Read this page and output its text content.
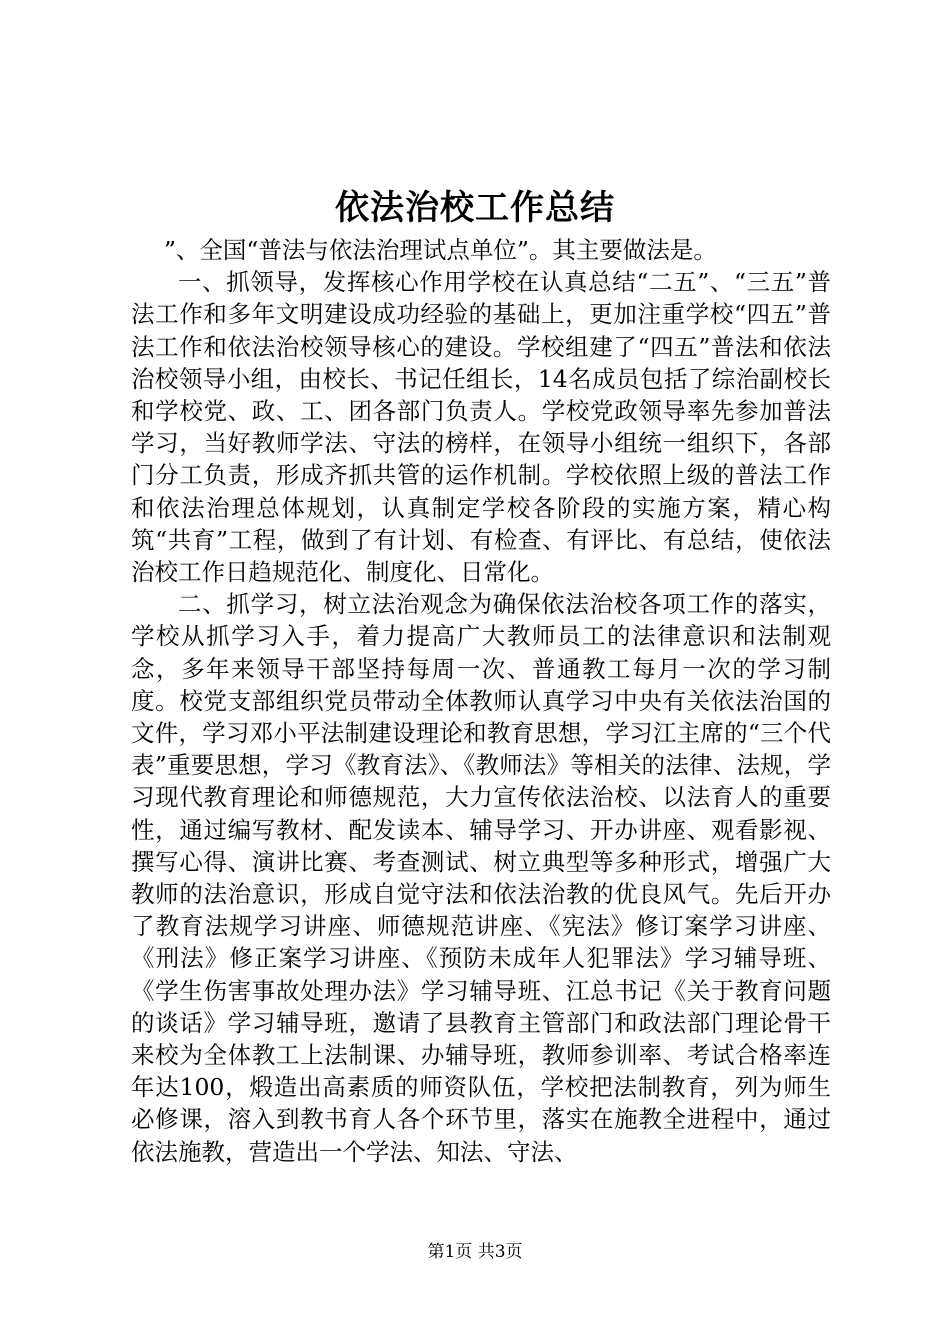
依法治校工作总结

”、全国“普法与依法治理试点单位”。其主要做法是。

一、抓领导，发挥核心作用学校在认真总结“二五”、“三五”普法工作和多年文明建设成功经验的基础上，更加注重学校“四五”普法工作和依法治校领导核心的建设。学校组建了“四五”普法和依法治校领导小组，由校长、书记任组长，14名成员包括了综治副校长和学校党、政、工、团各部门负责人。学校党政领导率先参加普法学习，当好教师学法、守法的榜样，在领导小组统一组织下，各部门分工负责，形成齐抓共管的运作机制。学校依照上级的普法工作和依法治理总体规划，认真制定学校各阶段的实施方案，精心构筑“共育”工程，做到了有计划、有检查、有评比、有总结，使依法治校工作日趋规范化、制度化、日常化。

二、抓学习，树立法治观念为确保依法治校各项工作的落实，学校从抓学习入手，着力提高广大教师员工的法律意识和法制观念，多年来领导干部坚持每周一次、普通教工每月一次的学习制度。校党支部组织党员带动全体教师认真学习中央有关依法治国的文件，学习邓小平法制建设理论和教育思想，学习江主席的“三个代表”重要思想，学习《教育法》、《教师法》等相关的法律、法规，学习现代教育理论和师德规范，大力宣传依法治校、以法育人的重要性，通过编写教材、配发读本、辅导学习、开办讲座、观看影视、撰写心得、演讲比赛、考查测试、树立典型等多种形式，增强广大教师的法治意识，形成自觉守法和依法治教的优良风气。先后开办了教育法规学习讲座、师德规范讲座、《宪法》修订案学习讲座、《刑法》修正案学习讲座、《预防未成年人犯罪法》学习辅导班、《学生伤害事故处理办法》学习辅导班、江总书记《关于教育问题的谈话》学习辅导班，邀请了县教育主管部门和政法部门理论骨干来校为全体教工上法制课、办辅导班，教师参训率、考试合格率连年达100，煅造出高素质的师资队伍，学校把法制教育，列为师生必修课，溶入到教书育人各个环节里，落实在施教全进程中，通过依法施教，营造出一个学法、知法、守法、

第1页 共3页
